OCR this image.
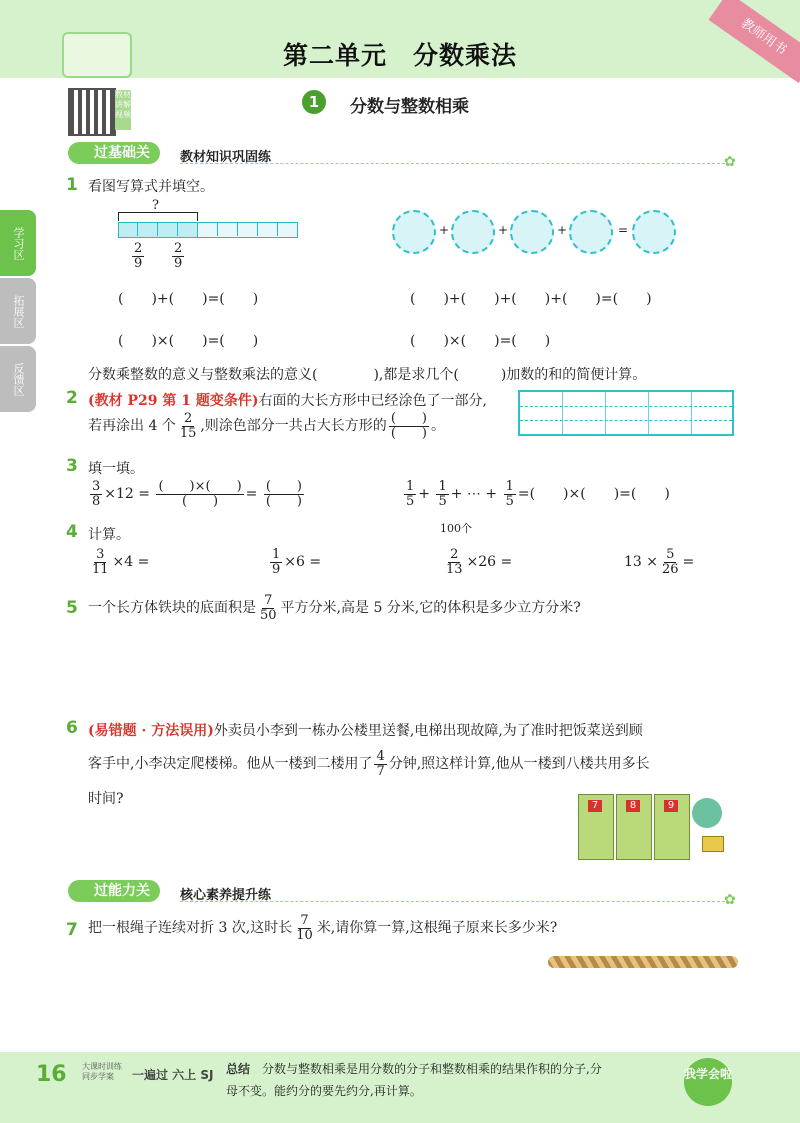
第二单元　分数乘法	教师用书
教材讲解视频
1	分数与整数相乘
学习区
拓展区
反馈区
过基础关	教材知识巩固练	✿
1 看图写算式并填空。
?
$\frac{2}{9} \frac{2}{9}$
+	+	+	=
(　　)+(　　)=(　　)
(　　)×(　　)=(　　)
(　　)+(　　)+(　　)+(　　)=(　　)
(　　)×(　　)=(　　)
分数乘整数的意义与整数乘法的意义(　　　　),都是求几个(　　　)加数的和的简便计算。
2 (教材 P29 第 1 题变条件)右面的大长方形中已经涂色了一部分,
若再涂出 4 个 $\frac{2}{15}$ ,则涂色部分一共占大长方形的 $\frac{( )}{( )}$ 。
3 填一填。
$\frac{3}{8} \times 12 = \frac{( )\times( )}{( )} = \frac{( )}{( )}$	$\frac{1}{5} + \frac{1}{5}$ + ⋯ + $\frac{1}{5}$ =(　　)×(　　)=(　　)
100个
4 计算。
$\frac{3}{11} \times 4$ =	$\frac{1}{9} \times 6$ =	$\frac{2}{13} \times 26$ =	$13 \times \frac{5}{26}$ =
5 一个长方体铁块的底面积是 $\frac{7}{50}$ 平方分米,高是 5 分米,它的体积是多少立方分米?
6 (易错题 · 方法误用)外卖员小李到一栋办公楼里送餐,电梯出现故障,为了准时把饭菜送到顾
客手中,小李决定爬楼梯。他从一楼到二楼用了 $\frac{4}{7}$ 分钟,照这样计算,他从一楼到八楼共用多长
时间?	7	8	9
过能力关	核心素养提升练	✿
7 把一根绳子连续对折 3 次,这时长 $\frac{7}{10}$ 米,请你算一算,这根绳子原来长多少米?
16 大课时训练
同步学案	一遍过 六上 SJ 总结 分数与整数相乘是用分数的分子和整数相乘的结果作积的分子,分
母不变。能约分的要先约分,再计算。
我学会啦
